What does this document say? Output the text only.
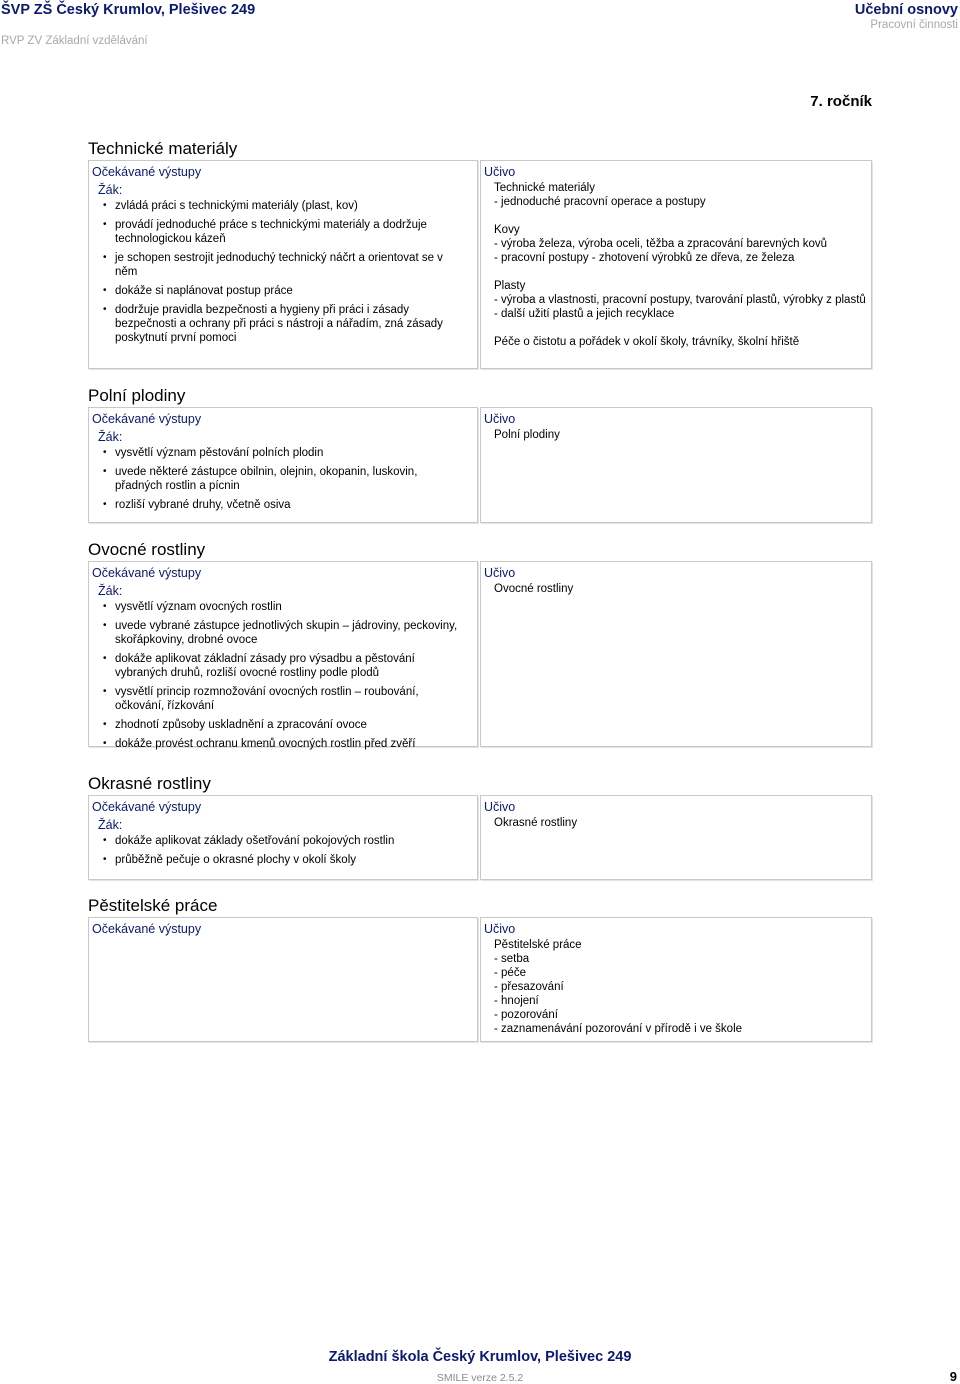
ŠVP ZŠ Český Krumlov, Plešivec 249
RVP ZV Základní vzdělávání
Učební osnovy
Pracovní činnosti
7. ročník
Technické materiály
Očekávané výstupy
Žák:
• zvládá práci s technickými materiály (plast, kov)
• provádí jednoduché práce s technickými materiály a dodržuje technologickou kázeň
• je schopen sestrojit jednoduchý technický náčrt a orientovat se v něm
• dokáže si naplánovat postup práce
• dodržuje pravidla bezpečnosti a hygieny při práci i zásady bezpečnosti a ochrany při práci s nástroji a nářadím, zná zásady poskytnutí první pomoci
Učivo
Technické materiály
- jednoduché pracovní operace a postupy
Kovy
- výroba železa, výroba oceli, těžba a zpracování barevných kovů
- pracovní postupy - zhotovení výrobků ze dřeva, ze železa
Plasty
- výroba a vlastnosti, pracovní postupy, tvarování plastů, výrobky z plastů
- další užití plastů a jejich recyklace
Péče o čistotu a pořádek v okolí školy, trávníky, školní hřiště
Polní plodiny
Očekávané výstupy
Žák:
• vysvětlí význam pěstování polních plodin
• uvede některé zástupce obilnin, olejnin, okopanin, luskovin, přadných rostlin a pícnin
• rozliší vybrané druhy, včetně osiva
Učivo
Polní plodiny
Ovocné rostliny
Očekávané výstupy
Žák:
• vysvětlí význam ovocných rostlin
• uvede vybrané zástupce jednotlivých skupin – jádroviny, peckoviny, skořápkoviny, drobné ovoce
• dokáže aplikovat základní zásady pro výsadbu a pěstování vybraných druhů, rozliší ovocné rostliny podle plodů
• vysvětlí princip rozmnožování ovocných rostlin – roubování, očkování, řízkování
• zhodnotí způsoby uskladnění a zpracování ovoce
• dokáže provést ochranu kmenů ovocných rostlin před zvěří
Učivo
Ovocné rostliny
Okrasné rostliny
Očekávané výstupy
Žák:
• dokáže aplikovat základy ošetřování pokojových rostlin
• průběžně pečuje o okrasné plochy v okolí školy
Učivo
Okrasné rostliny
Pěstitelské práce
Očekávané výstupy	Učivo
Pěstitelské práce
- setba
- péče
- přesazování
- hnojení
- pozorování
- zaznamenávání pozorování v přírodě i ve škole
Základní škola Český Krumlov, Plešivec 249
SMILE verze 2.5.2	9
